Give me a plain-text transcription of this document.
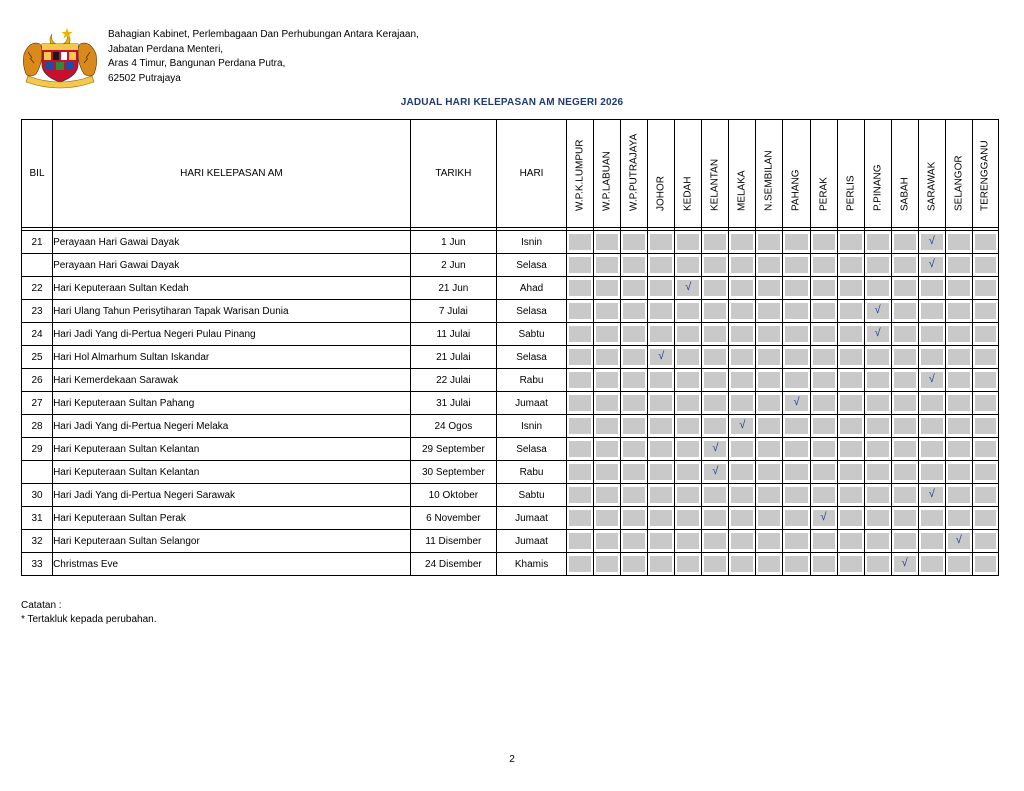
Bahagian Kabinet, Perlembagaan Dan Perhubungan Antara Kerajaan,
Jabatan Perdana Menteri,
Aras 4 Timur, Bangunan Perdana Putra,
62502 Putrajaya
JADUAL HARI KELEPASAN AM NEGERI 2026
BIL	HARI KELEPASAN AM	TARIKH	HARI	W.P.K.LUMPUR	W.P.LABUAN	W.P.PUTRAJAYA	JOHOR	KEDAH	KELANTAN	MELAKA	N.SEMBILAN	PAHANG	PERAK	PERLIS	P.PINANG	SABAH	SARAWAK	SELANGOR	TERENGGANU

21	Perayaan Hari Gawai Dayak	1 Jun	Isnin														√		

	Perayaan Hari Gawai Dayak	2 Jun	Selasa														√		

22	Hari Keputeraan Sultan Kedah	21 Jun	Ahad					√											

23	Hari Ulang Tahun Perisytiharan Tapak Warisan Dunia	7 Julai	Selasa												√				

24	Hari Jadi Yang di-Pertua Negeri Pulau Pinang	11 Julai	Sabtu												√				

25	Hari Hol Almarhum Sultan Iskandar	21 Julai	Selasa				√												

26	Hari Kemerdekaan Sarawak	22 Julai	Rabu														√		

27	Hari Keputeraan Sultan Pahang	31 Julai	Jumaat									√							

28	Hari Jadi Yang di-Pertua Negeri Melaka	24 Ogos	Isnin							√									

29	Hari Keputeraan Sultan Kelantan	29 September	Selasa						√										

	Hari Keputeraan Sultan Kelantan	30 September	Rabu						√										

30	Hari Jadi Yang di-Pertua Negeri Sarawak	10 Oktober	Sabtu														√		

31	Hari Keputeraan Sultan Perak	6 November	Jumaat										√						

32	Hari Keputeraan Sultan Selangor	11 Disember	Jumaat															√	

33	Christmas Eve	24 Disember	Khamis													√			

Catatan :
* Tertakluk kepada perubahan.
2
